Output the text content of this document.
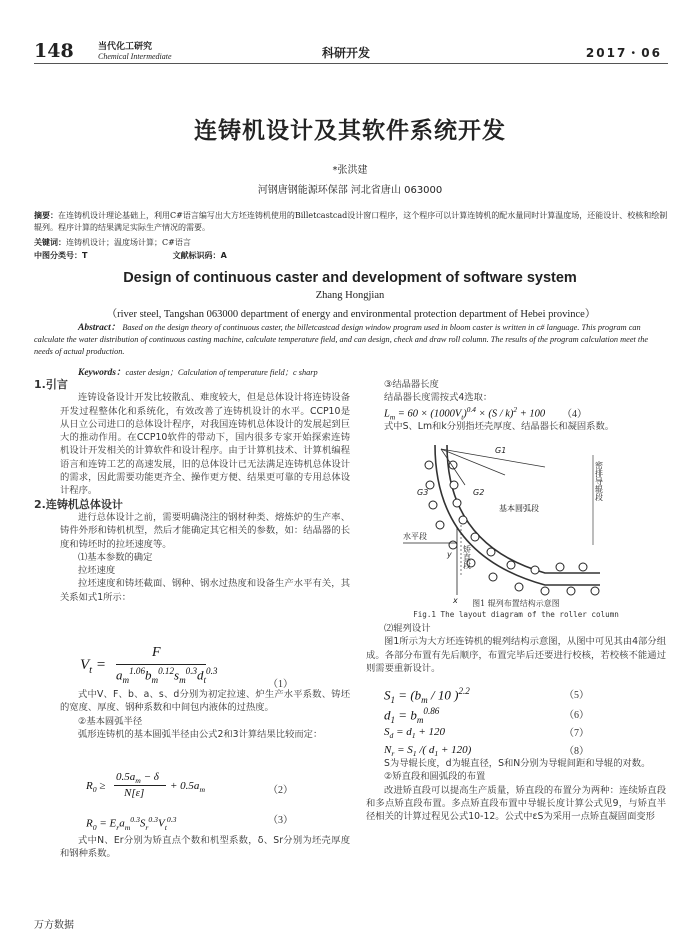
148	当代化工研究
Chemical Intermediate	科研开发	2017・06
连铸机设计及其软件系统开发
*张洪建
河钢唐钢能源环保部 河北省唐山 063000
摘要：在连铸机设计理论基础上，利用C#语言编写出大方坯连铸机使用的Billetcastcad设计窗口程序，这个程序可以计算连铸机的配水量同时计算温度场，还能设计、校核和绘制辊列。程序计算的结果满足实际生产情况的需要。
关键词：连铸机设计；温度场计算；C#语言
中图分类号：T	文献标识码：A
Design of continuous caster and development of software system
Zhang Hongjian
（river steel, Tangshan 063000 department of energy and environmental protection department of Hebei province）
Abstract： Based on the design theory of continuous caster, the billetcastcad design window program used in bloom caster is written in c# language. This program can calculate the water distribution of continuous casting machine, calculate temperature field, and can design, check and draw roll column. The results of the program calculation meet the needs of actual production.
Keywords：caster design；Calculation of temperature field；c sharp

1.引言

连铸设备设计开发比较散乱、难度较大，但是总体设计将连铸设备开发过程整体化和系统化，有效改善了连铸机设计的水平。CCP10是从日立公司进口的总体设计程序，对我国连铸机总体设计的发展起到巨大的推动作用。在CCP10软件的带动下，国内很多专家开始探索连铸机设计开发相关的计算软件和设计程序。由于计算机技术、计算机编程语言和连铸工艺的高速发展，旧的总体设计已无法满足连铸机总体设计的需求，因此需要功能更齐全、操作更方便、结果更可靠的专用总体设计程序。

2.连铸机总体设计

进行总体设计之前，需要明确浇注的钢材种类、熔炼炉的生产率、铸件外形和铸机机型，然后才能确定其它相关的参数，如：结晶器的长度和铸坯时的拉坯速度等。

⑴基本参数的确定

拉坯速度

拉坯速度和铸坯截面、钢种、钢水过热度和设备生产水平有关，其关系如式1所示：

$V_t$ =
F
$a_m^{1.06}b_m^{0.12}s_m^{0.3}d_t^{0.3}$
（1）

式中V、F、b、a、s、d分别为初定拉速、炉生产水平系数、铸坯的宽度、厚度、钢种系数和中间包内液体的过热度。

②基本圆弧半径

弧形连铸机的基本圆弧半径由公式2和3计算结果比较而定：

$R_0$ ≥
$0.5a_m - \delta$
N[ε]
+ $0.5a_m$	（2）
$R_0 = E_ra_m^{0.3}S_r^{0.3}V_t^{0.3}$	（3）

式中N、Er分别为矫直点个数和机型系数，δ、Sr分别为坯壳厚度和钢种系数。

③结晶器长度

结晶器长度需按式4选取：

$L_m = 60 \times (1000V_t)^{0.4} \times (S / k)^2 + 100$ （4）

式中S、Lm和k分别指坯壳厚度、结晶器长和凝固系数。

G1
G3	G2
基本圆弧段
水平段
y
x
矫直段
密排导辊段
图1 辊列布置结构示意图
Fig.1 The layout diagram of the roller column

⑵辊列设计

图1所示为大方坯连铸机的辊列结构示意图，从图中可见其由4部分组成。各部分布置有先后顺序，布置完毕后还要进行校核，若校核不能通过则需要重新设计。

$S_1 = (b_m / 10$ )$^{2.2}$	（5）
$d_1 = b_m^{0.86}$	（6）
$S_d = d_1 + 120$	（7）
$N_r = S_1$ /( $d_1 + 120$)	（8）

S为导辊长度，d为辊直径，S和N分别为导辊间距和导辊的对数。

②矫直段和圆弧段的布置

改进矫直段可以提高生产质量，矫直段的布置分为两种：连续矫直段和多点矫直段布置。多点矫直段布置中导辊长度计算公式见9，与矫直半径相关的计算过程见公式10-12。公式中εS为采用一点矫直凝固面变形

万方数据
